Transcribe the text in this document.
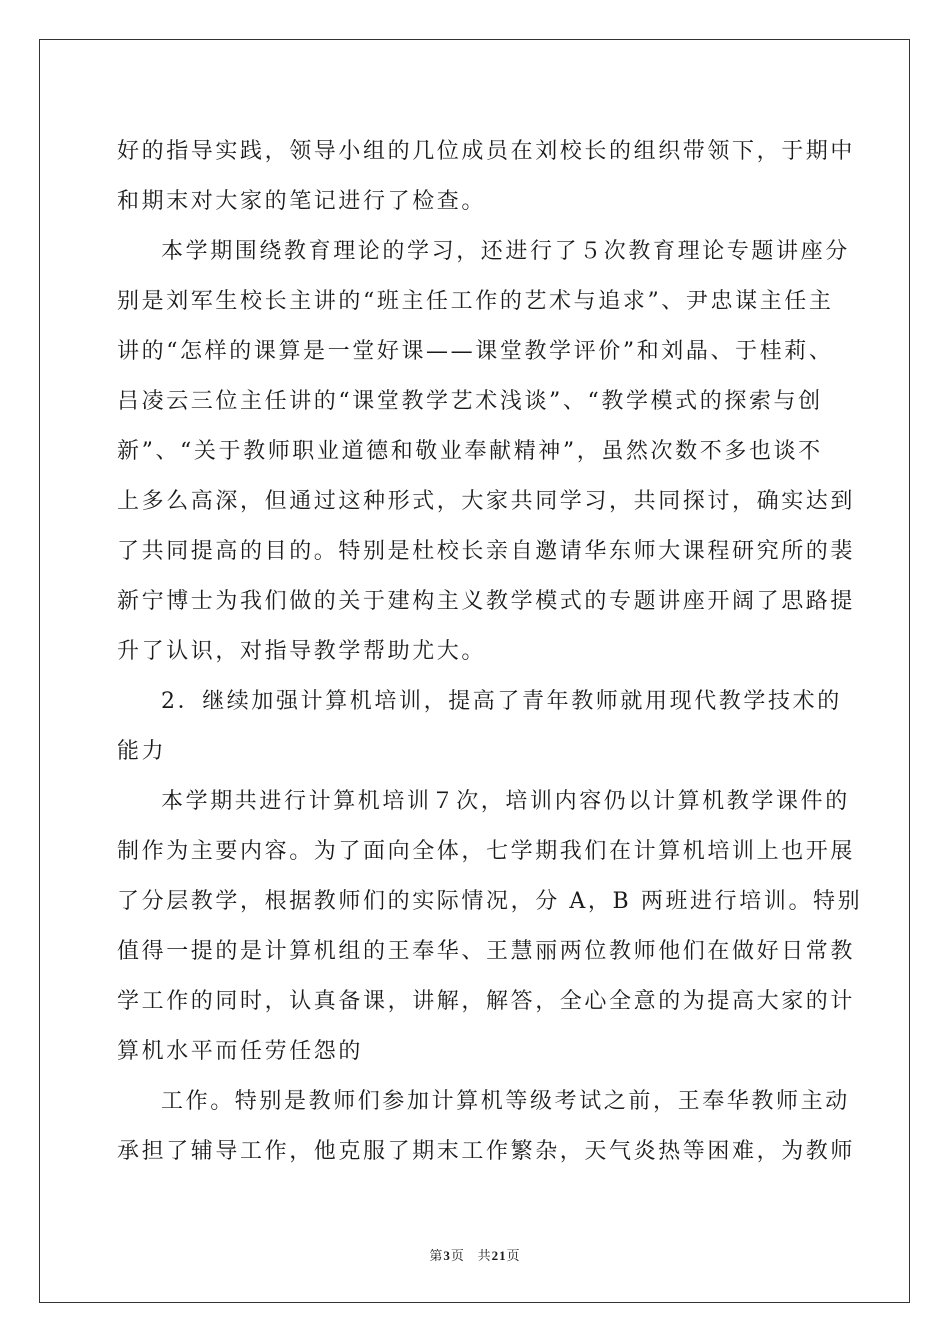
好的指导实践，领导小组的几位成员在刘校长的组织带领下，于期中
和期末对大家的笔记进行了检查。
本学期围绕教育理论的学习，还进行了５次教育理论专题讲座分
别是刘军生校长主讲的“班主任工作的艺术与追求”、尹忠谋主任主
讲的“怎样的课算是一堂好课——课堂教学评价”和刘晶、于桂莉、
吕凌云三位主任讲的“课堂教学艺术浅谈”、“教学模式的探索与创
新”、“关于教师职业道德和敬业奉献精神”，虽然次数不多也谈不
上多么高深，但通过这种形式，大家共同学习，共同探讨，确实达到
了共同提高的目的。特别是杜校长亲自邀请华东师大课程研究所的裴
新宁博士为我们做的关于建构主义教学模式的专题讲座开阔了思路提
升了认识，对指导教学帮助尤大。
2．继续加强计算机培训，提高了青年教师就用现代教学技术的
能力
本学期共进行计算机培训７次，培训内容仍以计算机教学课件的
制作为主要内容。为了面向全体，七学期我们在计算机培训上也开展
了分层教学，根据教师们的实际情况，分 A，B 两班进行培训。特别
值得一提的是计算机组的王奉华、王慧丽两位教师他们在做好日常教
学工作的同时，认真备课，讲解，解答，全心全意的为提高大家的计
算机水平而任劳任怨的
工作。特别是教师们参加计算机等级考试之前，王奉华教师主动
承担了辅导工作，他克服了期末工作繁杂，天气炎热等困难，为教师
第3页 共21页
